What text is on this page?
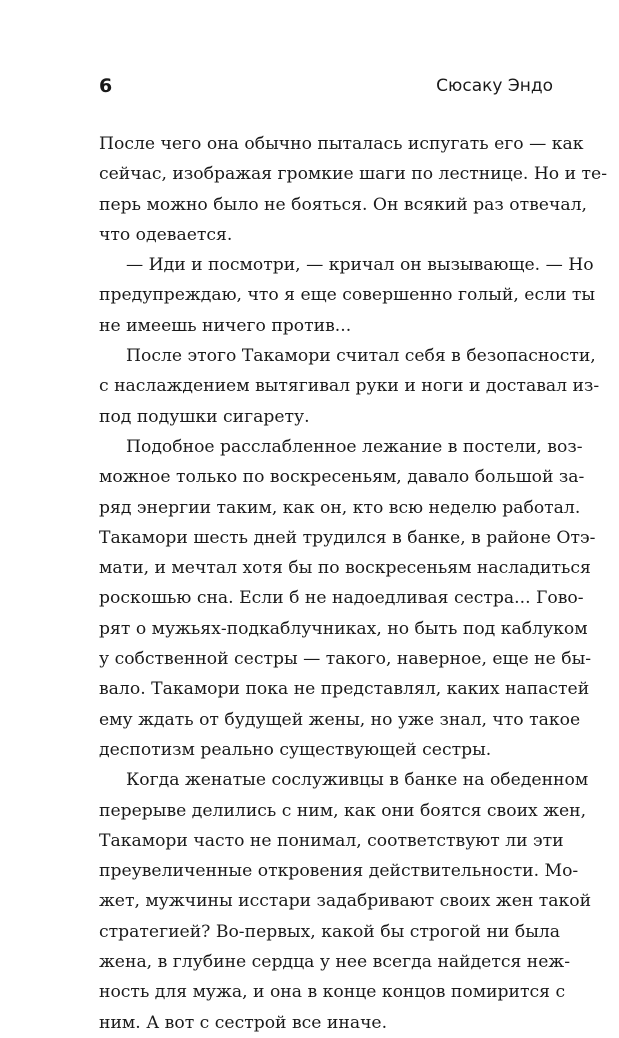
6	Сюсаку Эндо
После чего она обычно пыталась испугать его — как
сейчас, изображая громкие шаги по лестнице. Но и те-
перь можно было не бояться. Он всякий раз отвечал,
что одевается.
— Иди и посмотри, — кричал он вызывающе. — Но
предупреждаю, что я еще совершенно голый, если ты
не имеешь ничего против...
После этого Такамори считал себя в безопасности,
с наслаждением вытягивал руки и ноги и доставал из-
под подушки сигарету.
Подобное расслабленное лежание в постели, воз-
можное только по воскресеньям, давало большой за-
ряд энергии таким, как он, кто всю неделю работал.
Такамори шесть дней трудился в банке, в районе Отэ-
мати, и мечтал хотя бы по воскресеньям насладиться
роскошью сна. Если б не надоедливая сестра... Гово-
рят о мужьях-подкаблучниках, но быть под каблуком
у собственной сестры — такого, наверное, еще не бы-
вало. Такамори пока не представлял, каких напастей
ему ждать от будущей жены, но уже знал, что такое
деспотизм реально существующей сестры.
Когда женатые сослуживцы в банке на обеденном
перерыве делились с ним, как они боятся своих жен,
Такамори часто не понимал, соответствуют ли эти
преувеличенные откровения действительности. Мо-
жет, мужчины исстари задабривают своих жен такой
стратегией? Во-первых, какой бы строгой ни была
жена, в глубине сердца у нее всегда найдется неж-
ность для мужа, и она в конце концов помирится с
ним. А вот с сестрой все иначе.
